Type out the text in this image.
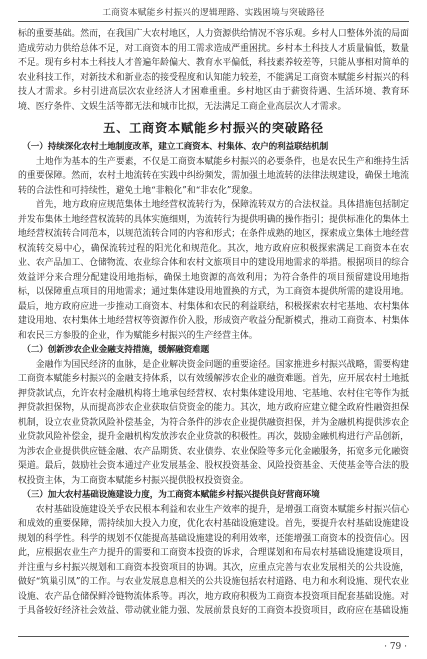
工商资本赋能乡村振兴的逻辑理路、实践困境与突破路径

标的重要基础。然而，在我国广大农村地区，人力资源供给情况不容乐观。乡村人口整体外流的局面造成劳动力供给总体不足，对工商资本的用工需求造成严重困扰。乡村本土科技人才质量偏低，数量不足。现有乡村本土科技人才普遍年龄偏大、教育水平偏低，科技素养较差等，只能从事相对简单的农业科技工作，对新技术和新业态的接受程度和认知能力较差，不能满足工商资本赋能乡村振兴的科技人才需求。乡村引进高层次农业经济人才困难重重。乡村地区由于薪资待遇、生活环境、教育环境、医疗条件、文娱生活等都无法和城市比拟，无法满足工商企业高层次人才需求。

五、工商资本赋能乡村振兴的突破路径
（一）持续深化农村土地制度改革，建立工商资本、村集体、农户的利益联结机制

土地作为基本的生产要素，不仅是工商资本赋能乡村振兴的必要条件，也是农民生产和维持生活的重要保障。然而，农村土地流转在实践中纠纷频发，需加强土地流转的法律法规建设，确保土地流转的合法性和可持续性，避免土地“非粮化”和“非农化”现象。

首先，地方政府应规范集体土地经营权流转行为，保障流转双方的合法权益。具体措施包括制定并发布集体土地经营权流转的具体实施细则，为流转行为提供明确的操作指引；提供标准化的集体土地经营权流转合同范本，以规范流转合同的内容和形式；在条件成熟的地区，探索成立集体土地经营权流转交易中心，确保流转过程的阳光化和规范化。其次，地方政府应积极探索满足工商资本在农业、农产品加工、仓储物流、农业综合体和农村文旅项目中的建设用地需求的举措。根据项目的综合效益评分来合理分配建设用地指标，确保土地资源的高效利用；为符合条件的项目预留建设用地指标，以保障重点项目的用地需求；通过集体建设用地置换的方式，为工商资本提供所需的建设用地。最后，地方政府应进一步推动工商资本、村集体和农民的利益联结，积极探索农村宅基地、农村集体建设用地、农村集体土地经营权等资源作价入股，形成资产收益分配新模式，推动工商资本、村集体和农民三方参股的企业，作为赋能乡村振兴的生产经营主体。

（二）创新涉农企业金融支持措施，缓解融资难题

金融作为国民经济的血脉，是企业解决资金问题的重要途径。国家推进乡村振兴战略，需要构建工商资本赋能乡村振兴的金融支持体系，以有效缓解涉农企业的融资难题。首先，应开展农村土地抵押贷款试点，允许农村金融机构将土地承包经营权、农村集体建设用地、宅基地、农村住宅等作为抵押贷款担保物，从而提高涉农企业获取信贷资金的能力。其次，地方政府应建立健全政府性融资担保机制，设立农业贷款风险补偿基金，为符合条件的涉农企业提供融资担保，并为金融机构提供涉农企业贷款风险补偿金，提升金融机构发放涉农企业贷款的积极性。再次，鼓励金融机构进行产品创新，为涉农企业提供供应链金融、农产品期货、农业债券、农业保险等多元化金融服务，拓宽多元化融资渠道。最后，鼓励社会资本通过产业发展基金、股权投资基金、风险投资基金、天使基金等合法的股权投资主体，为工商资本赋能乡村振兴提供股权投资资金。

（三）加大农村基础设施建设力度，为工商资本赋能乡村振兴提供良好营商环境

农村基础设施建设关乎农民根本利益和农业生产效率的提升，是增强工商资本赋能乡村振兴信心和成效的重要保障，需持续加大投入力度，优化农村基础设施建设。首先，要提升农村基础设施建设规划的科学性。科学的规划不仅能提高基础设施建设的利用效率，还能增强工商资本的投资信心。因此，应根据农业生产力提升的需要和工商资本投资的诉求，合理谋划和布局农村基础设施建设项目，并注重与乡村振兴规划和工商资本投资项目的协调。其次，应重点完善与农业发展相关的公共设施，做好“筑巢引凤”的工作。与农业发展息息相关的公共设施包括农村道路、电力和水利设施、现代农业设施、农产品仓储保鲜冷链物流体系等。再次，地方政府积极为工商资本投资项目配套基础设施。对于具备较好经济社会效益、带动就业能力强、发展前景良好的工商资本投资项目，政府应在基础设施

· 79 ·
